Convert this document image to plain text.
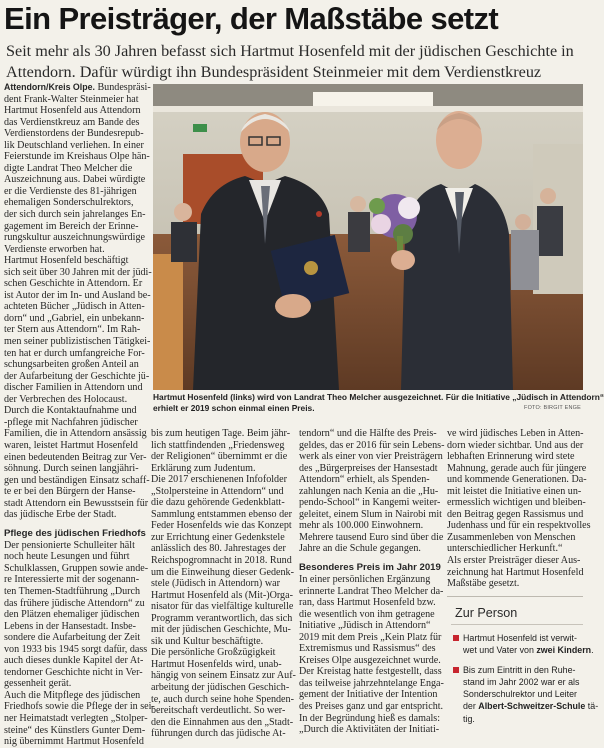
Ein Preisträger, der Maßstäbe setzt
Seit mehr als 30 Jahren befasst sich Hartmut Hosenfeld mit der jüdischen Geschichte in
Attendorn. Dafür würdigt ihn Bundespräsident Steinmeier mit dem Verdienstkreuz
Attendorn/Kreis Olpe. Bundespräsi-
dent Frank-Walter Steinmeier hat
Hartmut Hosenfeld aus Attendorn
das Verdienstkreuz am Bande des
Verdienstordens der Bundesrepub-
lik Deutschland verliehen. In einer
Feierstunde im Kreishaus Olpe hän-
digte Landrat Theo Melcher die
Auszeichnung aus. Dabei würdigte
er die Verdienste des 81-jährigen
ehemaligen Sonderschulrektors,
der sich durch sein jahrelanges En-
gagement im Bereich der Erinne-
rungskultur auszeichnungswürdige
Verdienste erworben hat.
Hartmut Hosenfeld beschäftigt
sich seit über 30 Jahren mit der jüdi-
schen Geschichte in Attendorn. Er
ist Autor der im In- und Ausland be-
achteten Bücher „Jüdisch in Atten-
dorn“ und „Gabriel, ein unbekann-
ter Stern aus Attendorn“. Im Rah-
men seiner publizistischen Tätigkei-
ten hat er durch umfangreiche For-
schungsarbeiten großen Anteil an
der Aufarbeitung der Geschichte jü-
discher Familien in Attendorn und
der Verbrechen des Holocaust.
Durch die Kontaktaufnahme und
-pflege mit Nachfahren jüdischer
Familien, die in Attendorn ansässig
waren, leistet Hartmut Hosenfeld
einen bedeutenden Beitrag zur Ver-
söhnung. Durch seinen langjähri-
gen und beständigen Einsatz schaff-
te er bei den Bürgern der Hanse-
stadt Attendorn ein Bewusstsein für
das jüdische Erbe der Stadt.

Pflege des jüdischen Friedhofs

Der pensionierte Schulleiter hält
noch heute Lesungen und führt
Schulklassen, Gruppen sowie ande-
re Interessierte mit der sogenann-
ten Themen-Stadtführung „Durch
das frühere jüdische Attendorn“ zu
den Plätzen ehemaliger jüdischen
Lebens in der Hansestadt. Insbe-
sondere die Aufarbeitung der Zeit
von 1933 bis 1945 sorgt dafür, dass
auch dieses dunkle Kapitel der At-
tendorner Geschichte nicht in Ver-
gessenheit gerät.
Auch die Mitpflege des jüdischen
Friedhofs sowie die Pflege der in sei-
ner Heimatstadt verlegten „Stolper-
steine“ des Künstlers Gunter Dem-
nig übernimmt Hartmut Hosenfeld
Hartmut Hosenfeld (links) wird von Landrat Theo Melcher ausgezeichnet. Für die Initiative „Jüdisch in Attendorn“
erhielt er 2019 schon einmal einen Preis.	FOTO: BIRGIT ENGE
bis zum heutigen Tage. Beim jähr-
lich stattfindenden „Friedensweg
der Religionen“ übernimmt er die
Erklärung zum Judentum.
Die 2017 erschienenen Infofolder
„Stolpersteine in Attendorn“ und
die dazu gehörende Gedenkblatt-
Sammlung entstammen ebenso der
Feder Hosenfelds wie das Konzept
zur Errichtung einer Gedenkstele
anlässlich des 80. Jahrestages der
Reichspogromnacht in 2018. Rund
um die Einweihung dieser Gedenk-
stele (Jüdisch in Attendorn) war
Hartmut Hosenfeld als (Mit-)Orga-
nisator für das vielfältige kulturelle
Programm verantwortlich, das sich
mit der jüdischen Geschichte, Mu-
sik und Kultur beschäftigte.
Die persönliche Großzügigkeit
Hartmut Hosenfelds wird, unab-
hängig von seinem Einsatz zur Auf-
arbeitung der jüdischen Geschich-
te, auch durch seine hohe Spenden-
bereitschaft verdeutlicht. So wer-
den die Einnahmen aus den „Stadt-
führungen durch das jüdische At-
tendorn“ und die Hälfte des Preis-
geldes, das er 2016 für sein Lebens-
werk als einer von vier Preisträgern
des „Bürgerpreises der Hansestadt
Attendorn“ erhielt, als Spenden-
zahlungen nach Kenia an die „Hu-
pendo-School“ in Kangemi weiter-
geleitet, einem Slum in Nairobi mit
mehr als 100.000 Einwohnern.
Mehrere tausend Euro sind über die
Jahre an die Schule gegangen.

Besonderes Preis im Jahr 2019

In einer persönlichen Ergänzung
erinnerte Landrat Theo Melcher da-
ran, dass Hartmut Hosenfeld bzw.
die wesentlich von ihm getragene
Initiative „Jüdisch in Attendorn“
2019 mit dem Preis „Kein Platz für
Extremismus und Rassismus“ des
Kreises Olpe ausgezeichnet wurde.
Der Kreistag hatte festgestellt, dass
das teilweise jahrzehntelange Enga-
gement der Initiative der Intention
des Preises ganz und gar entspricht.
In der Begründung hieß es damals:
„Durch die Aktivitäten der Initiati-
ve wird jüdisches Leben in Atten-
dorn wieder sichtbar. Und aus der
lebhaften Erinnerung wird stete
Mahnung, gerade auch für jüngere
und kommende Generationen. Da-
mit leistet die Initiative einen un-
ermesslich wichtigen und bleiben-
den Beitrag gegen Rassismus und
Judenhass und für ein respektvolles
Zusammenleben von Menschen
unterschiedlicher Herkunft.“
Als erster Preisträger dieser Aus-
zeichnung hat Hartmut Hosenfeld
Maßstäbe gesetzt.
Zur Person
Hartmut Hosenfeld ist verwit-
wet und Vater von zwei Kindern.
Bis zum Eintritt in den Ruhe-
stand im Jahr 2002 war er als
Sonderschulrektor und Leiter
der Albert-Schweitzer-Schule tä-
tig.
